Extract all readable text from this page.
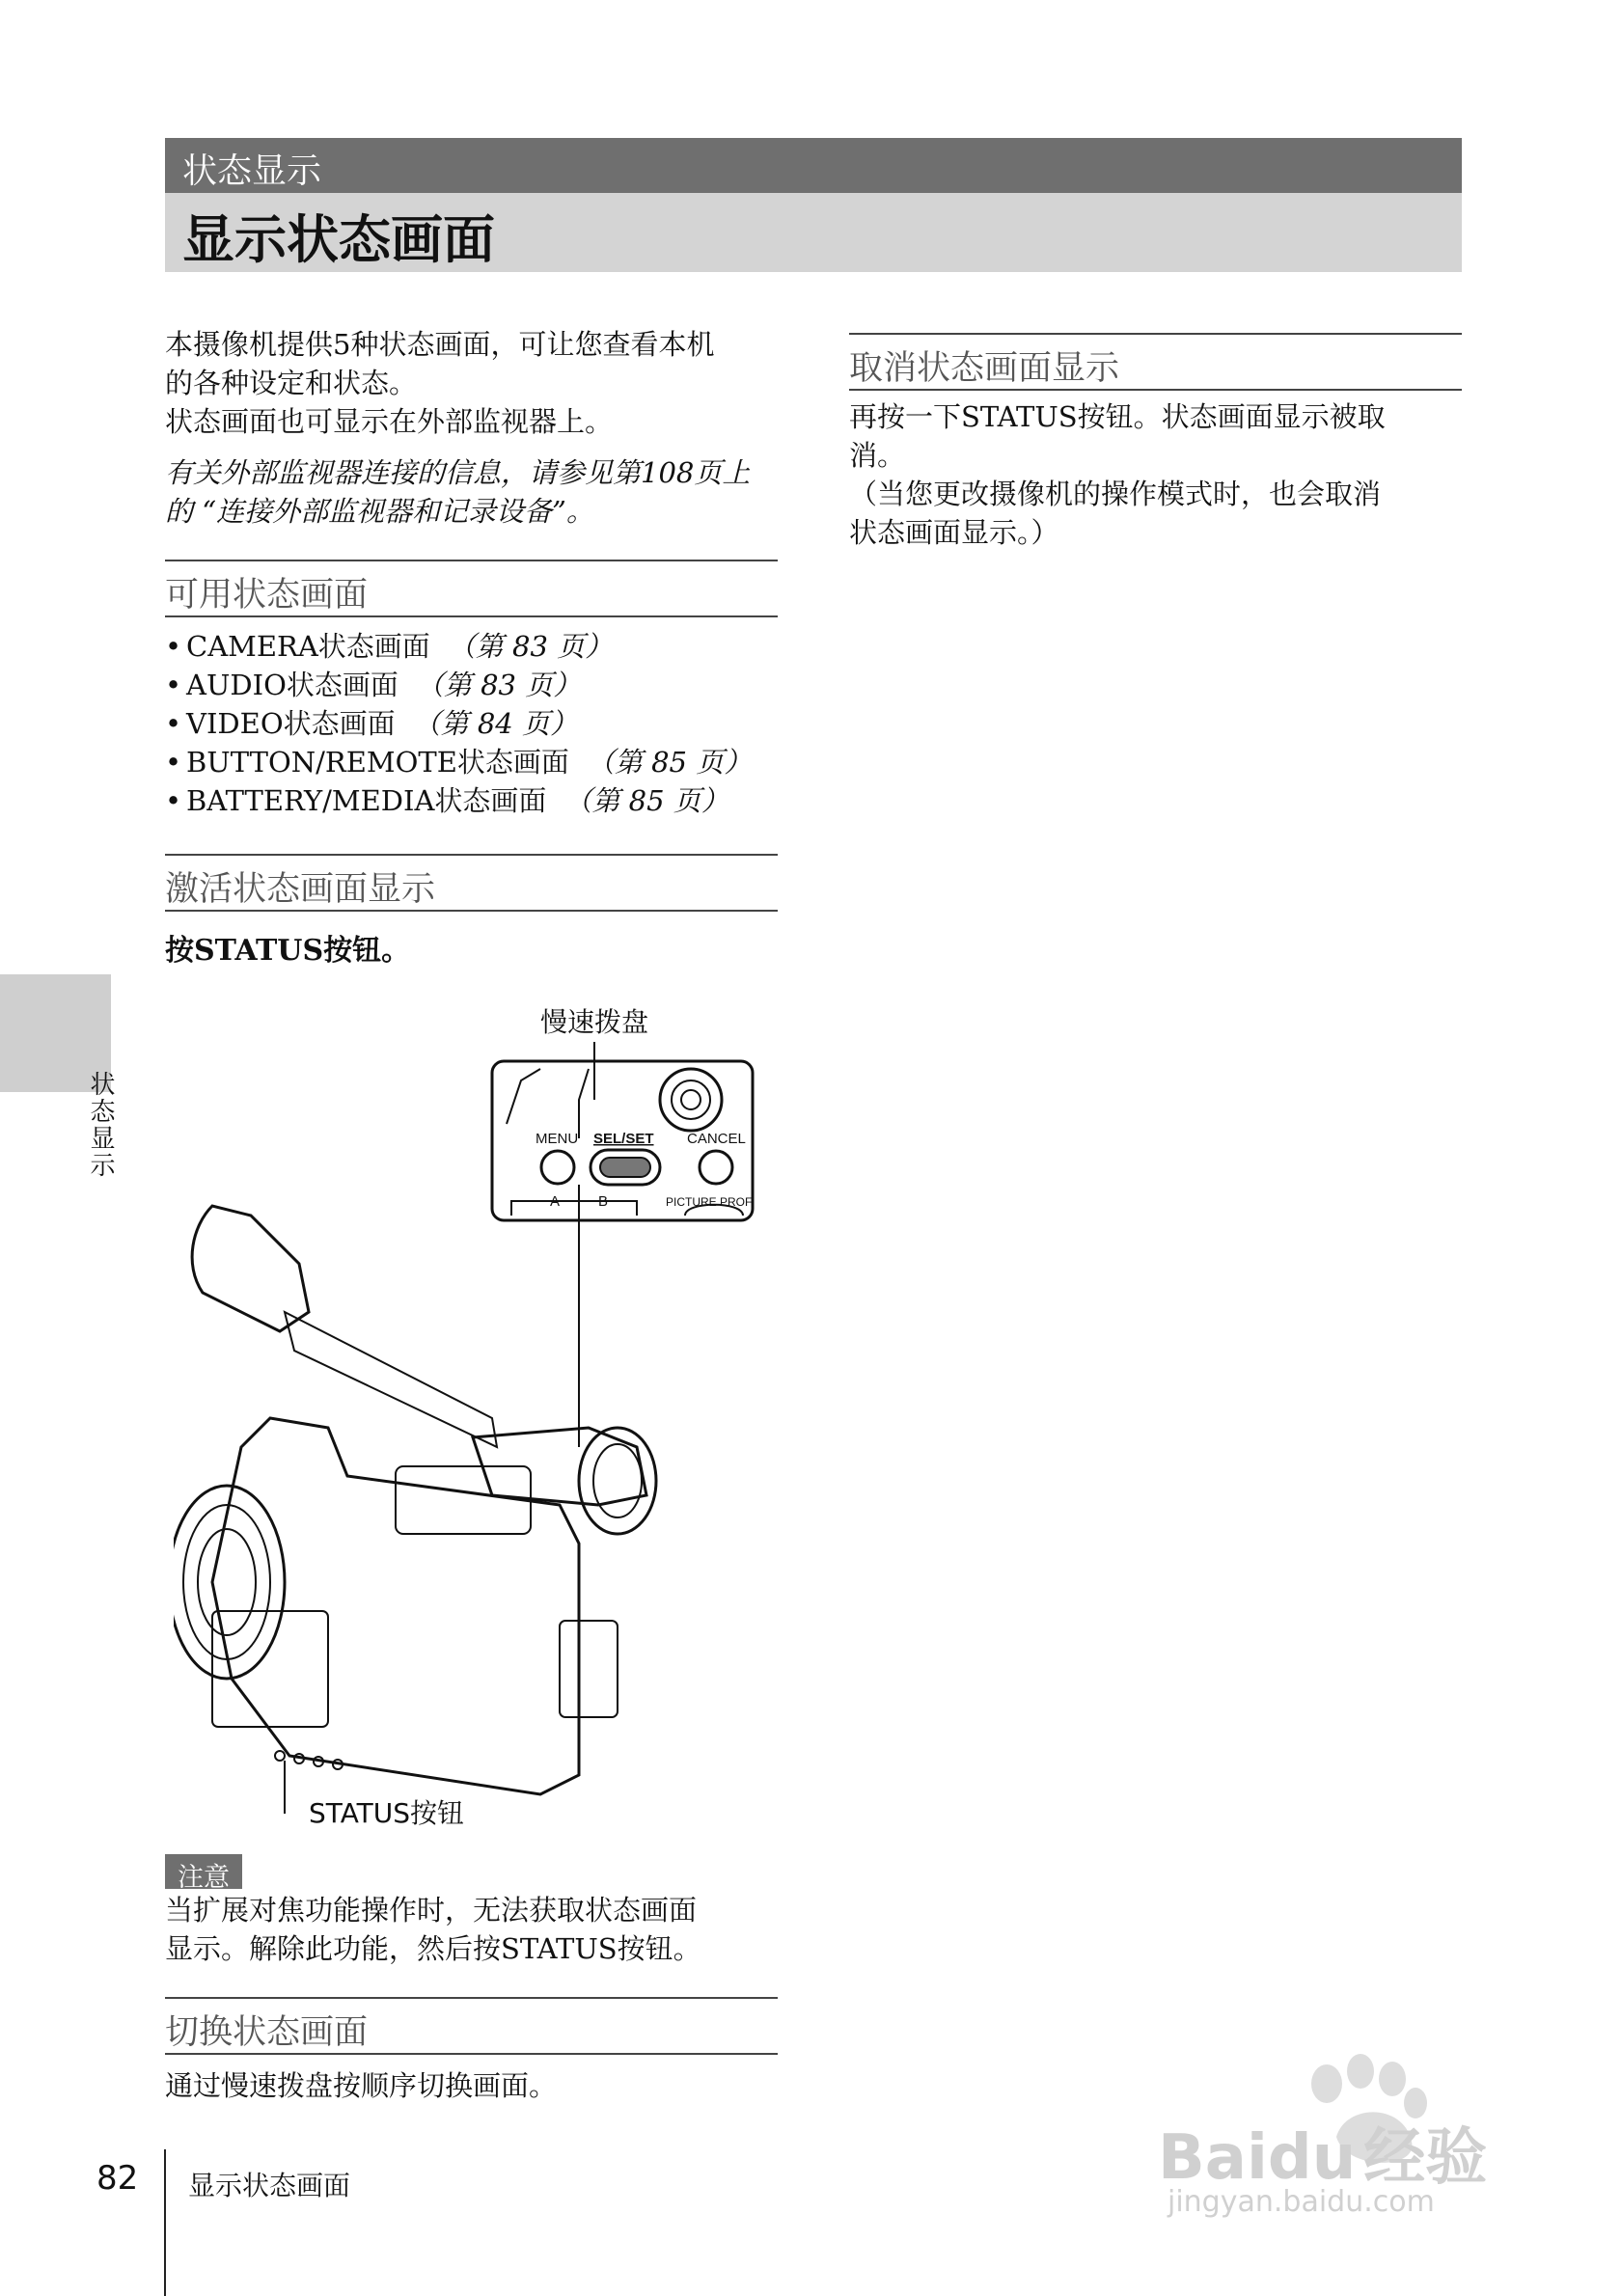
状态显示
显示状态画面
本摄像机提供5种状态画面，可让您查看本机
的各种设定和状态。
状态画面也可显示在外部监视器上。
有关外部监视器连接的信息，请参见第108页上
的 “连接外部监视器和记录设备”。
可用状态画面
• CAMERA状态画面 （第 83 页）
• AUDIO状态画面 （第 83 页）
• VIDEO状态画面 （第 84 页）
• BUTTON/REMOTE状态画面 （第 85 页）
• BATTERY/MEDIA状态画面 （第 85 页）
激活状态画面显示
按STATUS按钮。
慢速拨盘
MENU SEL/SET CANCEL
A	B	PICTURE PROF
STATUS按钮
注意
当扩展对焦功能操作时，无法获取状态画面
显示。解除此功能，然后按STATUS按钮。
切换状态画面
通过慢速拨盘按顺序切换画面。
取消状态画面显示
再按一下STATUS按钮。状态画面显示被取
消。
（当您更改摄像机的操作模式时，也会取消
状态画面显示。）
状态显示
82 显示状态画面	Baidu 经验
jingyan.baidu.com
